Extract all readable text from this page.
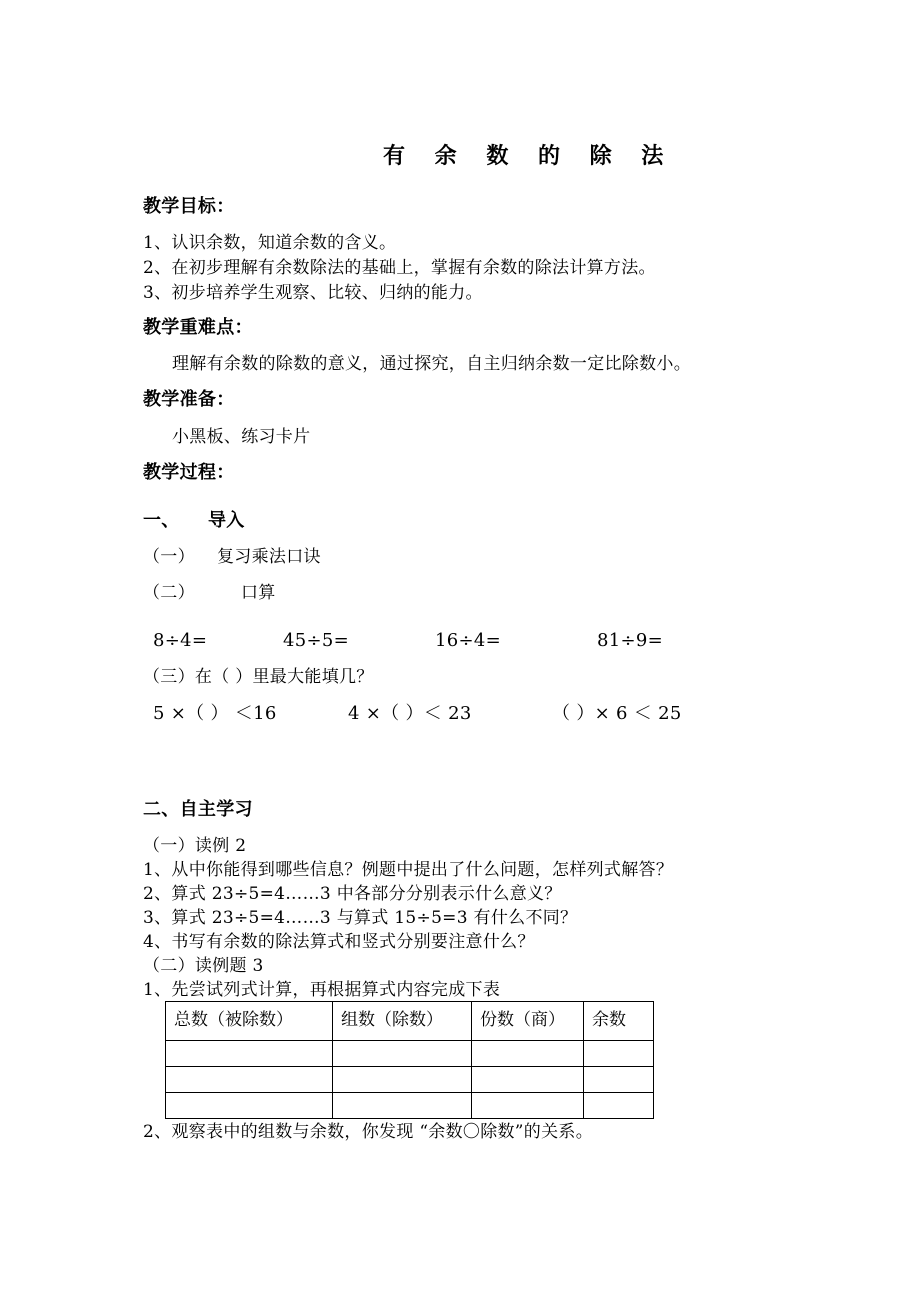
有 余 数 的 除 法
教学目标：
1、认识余数，知道余数的含义。
2、在初步理解有余数除法的基础上，掌握有余数的除法计算方法。
3、初步培养学生观察、比较、归纳的能力。
教学重难点：
理解有余数的除数的意义，通过探究，自主归纳余数一定比除数小。
教学准备：
小黑板、练习卡片
教学过程：
一、 导入
（一） 复习乘法口诀
（二）	口算
8÷4=	45÷5=	16÷4=	81÷9=
（三）在（ ）里最大能填几？
5 ×（ ） ＜16	4 ×（ ）＜ 23	（ ）× 6 ＜ 25
二、自主学习
（一）读例 2
1、从中你能得到哪些信息？例题中提出了什么问题，怎样列式解答？
2、算式 23÷5=4……3 中各部分分别表示什么意义？
3、算式 23÷5=4……3 与算式 15÷5=3 有什么不同？
4、书写有余数的除法算式和竖式分别要注意什么？
（二）读例题 3
1、先尝试列式计算，再根据算式内容完成下表
总数（被除数）	组数（除数）	份数（商）	余数

2、观察表中的组数与余数，你发现 “余数〇除数”的关系。
